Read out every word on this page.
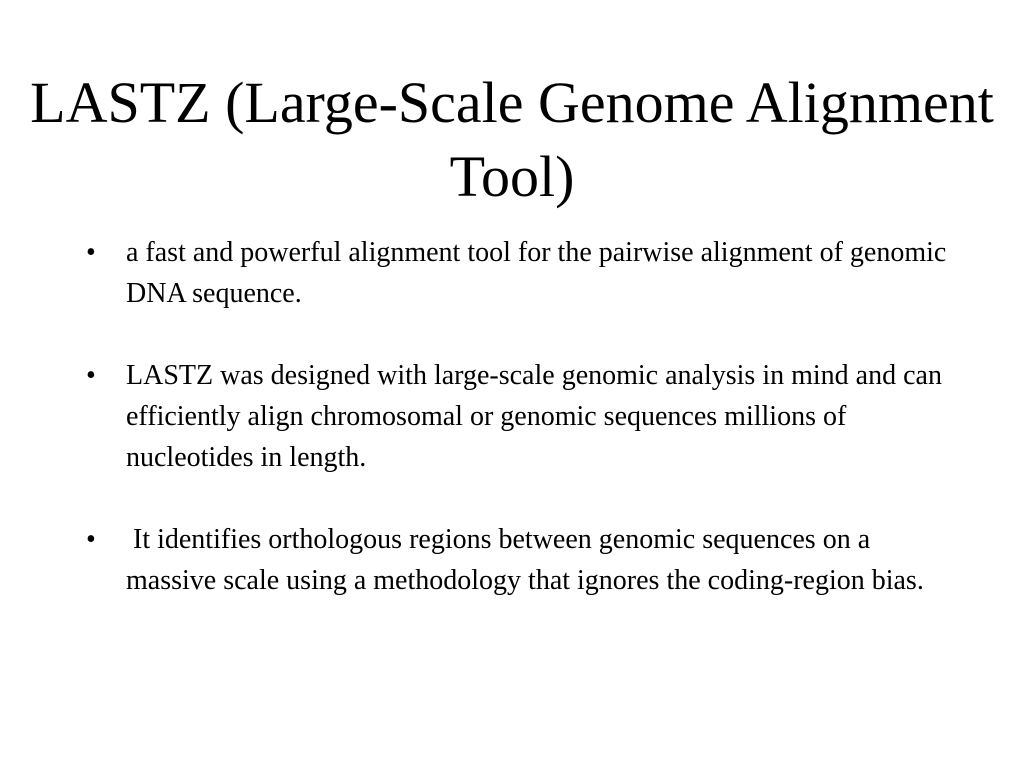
LASTZ (Large-Scale Genome Alignment Tool)
•	a fast and powerful alignment tool for the pairwise alignment of genomic DNA sequence.
•	LASTZ was designed with large-scale genomic analysis in mind and can efficiently align chromosomal or genomic sequences millions of nucleotides in length.
•	It identifies orthologous regions between genomic sequences on a massive scale using a methodology that ignores the coding-region bias.
